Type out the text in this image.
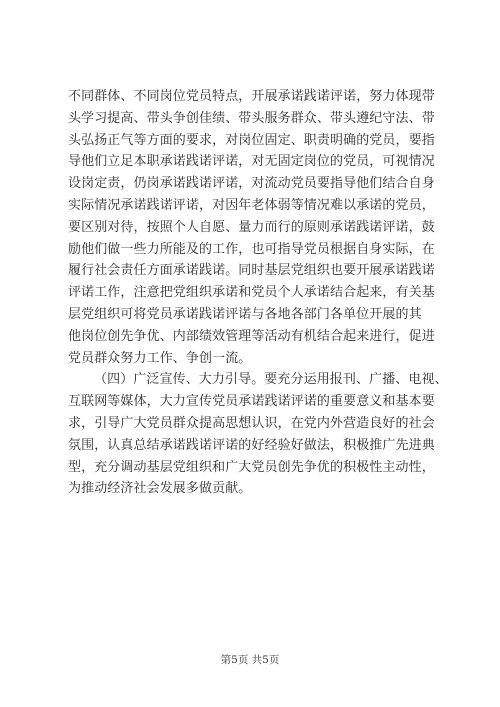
不同群体、不同岗位党员特点，开展承诺践诺评诺，努力体现带
头学习提高、带头争创佳绩、带头服务群众、带头遵纪守法、带
头弘扬正气等方面的要求，对岗位固定、职责明确的党员，要指
导他们立足本职承诺践诺评诺，对无固定岗位的党员，可视情况
设岗定责，仍岗承诺践诺评诺，对流动党员要指导他们结合自身
实际情况承诺践诺评诺，对因年老体弱等情况难以承诺的党员，
要区别对待，按照个人自愿、量力而行的原则承诺践诺评诺，鼓
励他们做一些力所能及的工作，也可指导党员根据自身实际，在
履行社会责任方面承诺践诺。同时基层党组织也要开展承诺践诺
评诺工作，注意把党组织承诺和党员个人承诺结合起来，有关基
层党组织可将党员承诺践诺评诺与各地各部门各单位开展的其
他岗位创先争优、内部绩效管理等活动有机结合起来进行，促进
党员群众努力工作、争创一流。
（四）广泛宣传、大力引导。要充分运用报刊、广播、电视、
互联网等媒体，大力宣传党员承诺践诺评诺的重要意义和基本要
求，引导广大党员群众提高思想认识，在党内外营造良好的社会
氛围，认真总结承诺践诺评诺的好经验好做法，积极推广先进典
型，充分调动基层党组织和广大党员创先争优的积极性主动性，
为推动经济社会发展多做贡献。
第5页 共5页
